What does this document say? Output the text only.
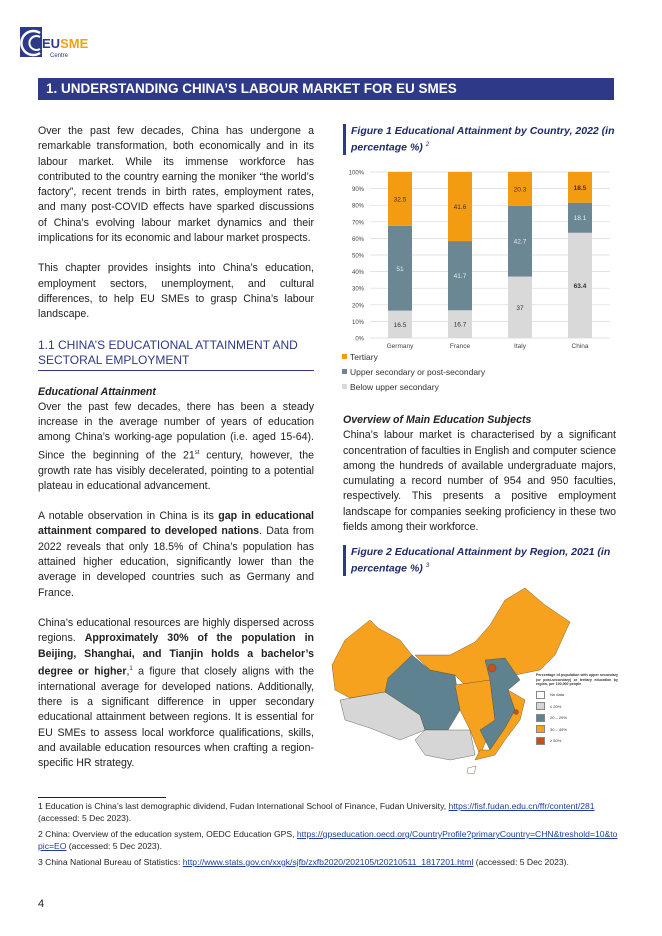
EUSME
Centre
1. UNDERSTANDING CHINA’S LABOUR MARKET FOR EU SMES

Over the past few decades, China has undergone a remarkable transformation, both economically and in its labour market. While its immense workforce has contributed to the country earning the moniker “the world’s factory”, recent trends in birth rates, employment rates, and many post-COVID effects have sparked discussions of China’s evolving labour market dynamics and their implications for its economic and labour market prospects.

This chapter provides insights into China’s education, employment sectors, unemployment, and cultural differences, to help EU SMEs to grasp China’s labour landscape.

1.1 CHINA’S EDUCATIONAL ATTAINMENT AND SECTORAL EMPLOYMENT
Educational Attainment

Over the past few decades, there has been a steady increase in the average number of years of education among China’s working-age population (i.e. aged 15-64). Since the beginning of the 21st century, however, the growth rate has visibly decelerated, pointing to a potential plateau in educational advancement.

A notable observation in China is its gap in educational attainment compared to developed nations. Data from 2022 reveals that only 18.5% of China’s population has attained higher education, significantly lower than the average in developed countries such as Germany and France.

China’s educational resources are highly dispersed across regions. Approximately 30% of the population in Beijing, Shanghai, and Tianjin holds a bachelor’s degree or higher,$^1$ a figure that closely aligns with the international average for developed nations. Additionally, there is a significant difference in upper secondary educational attainment between regions. It is essential for EU SMEs to assess local workforce qualifications, skills, and available education resources when crafting a region-specific HR strategy.

Figure 1 Educational Attainment by Country, 2022 (in percentage %) $^2$
0%
10%
20%
30%
40%
50%
60%
70%
80%
90%
100%
16.5
51
32.5
Germany
16.7
41.7
41.6
France
37
42.7
20.3
Italy
63.4
18.1
18.5
China
Tertiary
Upper secondary or post-secondary
Below upper secondary
Overview of Main Education Subjects

China’s labour market is characterised by a significant concentration of faculties in English and computer science among the hundreds of available undergraduate majors, cumulating a record number of 954 and 950 faculties, respectively. This presents a positive employment landscape for companies seeking proficiency in these two fields among their workforce.

Figure 2 Educational Attainment by Region, 2021 (in percentage %) $^3$
Percentage of population with upper secondary (or post-secondary) or tertiary education by region, per 100,000 people
No data
≤ 20%
20 – 29%
30 – 49%
≥ 50%
1 Education is China’s last demographic dividend, Fudan International School of Finance, Fudan University, https://fisf.fudan.edu.cn/ffr/content/281 (accessed: 5 Dec 2023).
2 China: Overview of the education system, OEDC Education GPS, https://gpseducation.oecd.org/CountryProfile?primaryCountry=CHN&treshold=10&topic=EO (accessed: 5 Dec 2023).
3 China National Bureau of Statistics: http://www.stats.gov.cn/xxgk/sjfb/zxfb2020/202105/t20210511_1817201.html (accessed: 5 Dec 2023).
4
